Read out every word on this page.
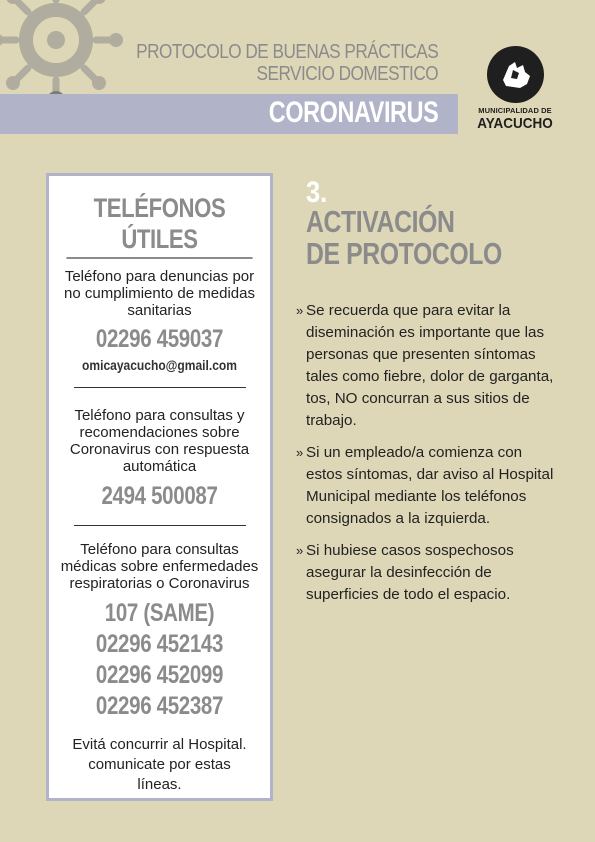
PROTOCOLO DE BUENAS PRÁCTICAS
SERVICIO DOMESTICO
CORONAVIRUS	MUNICIPALIDAD DE
AYACUCHO
TELÉFONOS ÚTILES
Teléfono para denuncias por no cumplimiento de medidas sanitarias
02296 459037
omicayacucho@gmail.com
Teléfono para consultas y recomendaciones sobre Coronavirus con respuesta automática
2494 500087
Teléfono para consultas médicas sobre enfermedades respiratorias o Coronavirus
107 (SAME)
02296 452143
02296 452099
02296 452387
Evitá concurrir al Hospital. comunicate por estas líneas.
3.
ACTIVACIÓN
DE PROTOCOLO
» Se recuerda que para evitar la diseminación es importante que las personas que presenten síntomas tales como fiebre, dolor de garganta, tos, NO concurran a sus sitios de trabajo.
» Si un empleado/a comienza con estos síntomas, dar aviso al Hospital Municipal mediante los teléfonos consignados a la izquierda.
» Si hubiese casos sospechosos asegurar la desinfección de superficies de todo el espacio.
